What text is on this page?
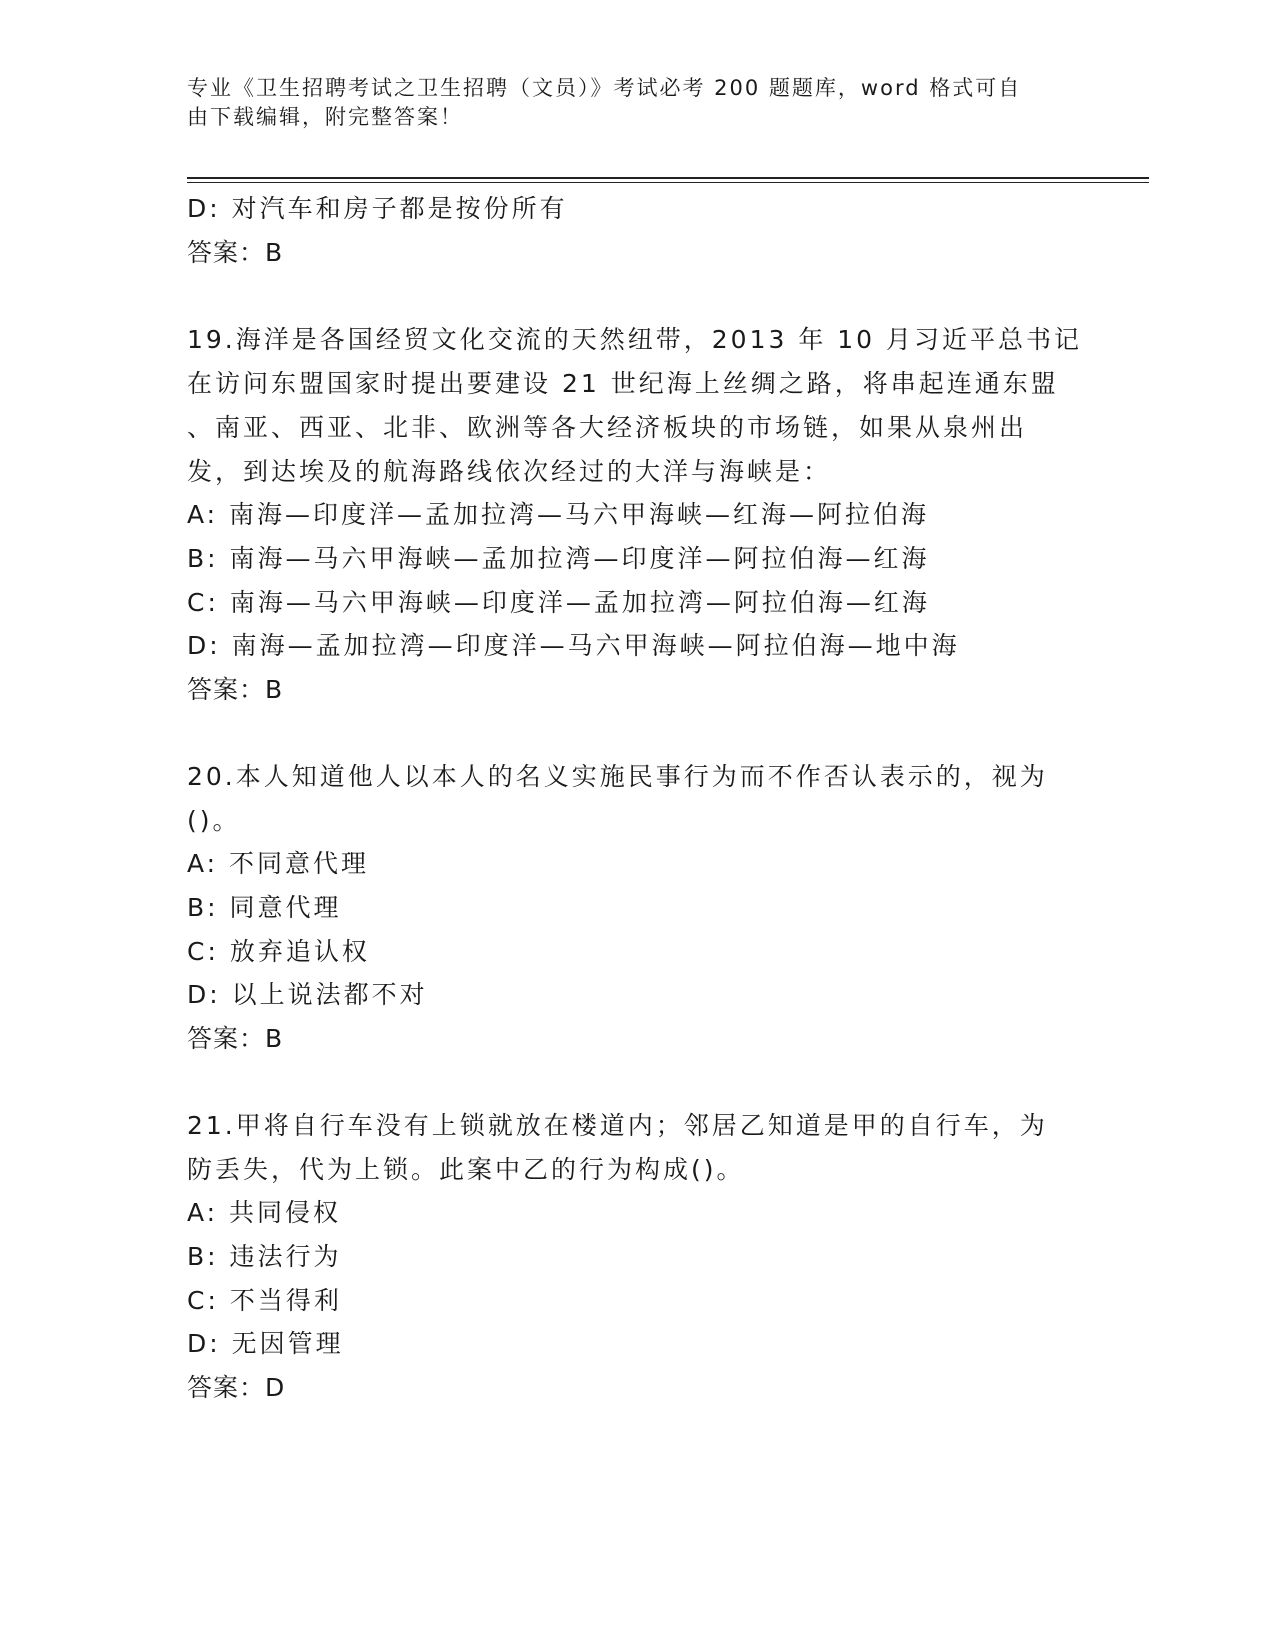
专业《卫生招聘考试之卫生招聘（文员）》考试必考 200 题题库，word 格式可自
由下载编辑，附完整答案！
D: 对汽车和房子都是按份所有
答案：B
19.海洋是各国经贸文化交流的天然纽带，2013 年 10 月习近平总书记
在访问东盟国家时提出要建设 21 世纪海上丝绸之路，将串起连通东盟
、南亚、西亚、北非、欧洲等各大经济板块的市场链，如果从泉州出
发，到达埃及的航海路线依次经过的大洋与海峡是：
A: 南海—印度洋—孟加拉湾—马六甲海峡—红海—阿拉伯海
B: 南海—马六甲海峡—孟加拉湾—印度洋—阿拉伯海—红海
C: 南海—马六甲海峡—印度洋—孟加拉湾—阿拉伯海—红海
D: 南海—孟加拉湾—印度洋—马六甲海峡—阿拉伯海—地中海
答案：B
20.本人知道他人以本人的名义实施民事行为而不作否认表示的，视为
()。
A: 不同意代理
B: 同意代理
C: 放弃追认权
D: 以上说法都不对
答案：B
21.甲将自行车没有上锁就放在楼道内；邻居乙知道是甲的自行车，为
防丢失，代为上锁。此案中乙的行为构成()。
A: 共同侵权
B: 违法行为
C: 不当得利
D: 无因管理
答案：D
